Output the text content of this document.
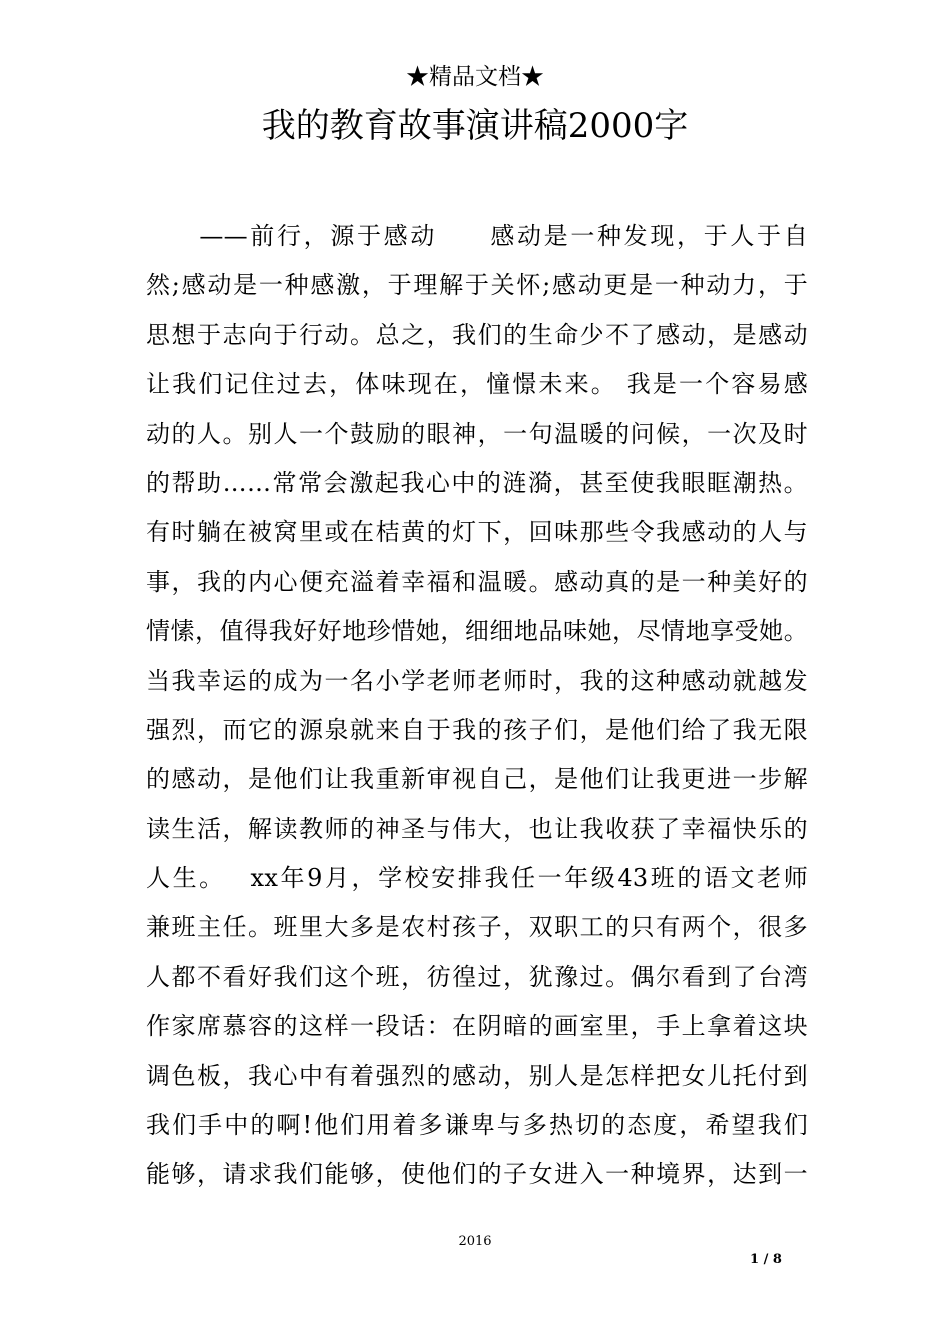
★精品文档★
我的教育故事演讲稿2000字
　　——前行，源于感动　　感动是一种发现，于人于自
然;感动是一种感激，于理解于关怀;感动更是一种动力，于
思想于志向于行动。总之，我们的生命少不了感动，是感动
让我们记住过去，体味现在，憧憬未来。 我是一个容易感
动的人。别人一个鼓励的眼神，一句温暖的问候，一次及时
的帮助……常常会激起我心中的涟漪，甚至使我眼眶潮热。
有时躺在被窝里或在桔黄的灯下，回味那些令我感动的人与
事，我的内心便充溢着幸福和温暖。感动真的是一种美好的
情愫，值得我好好地珍惜她，细细地品味她，尽情地享受她。
当我幸运的成为一名小学老师老师时，我的这种感动就越发
强烈，而它的源泉就来自于我的孩子们，是他们给了我无限
的感动，是他们让我重新审视自己，是他们让我更进一步解
读生活，解读教师的神圣与伟大，也让我收获了幸福快乐的
人生。　 xx年9月，学校安排我任一年级43班的语文老师
兼班主任。班里大多是农村孩子，双职工的只有两个，很多
人都不看好我们这个班，彷徨过，犹豫过。偶尔看到了台湾
作家席慕容的这样一段话：在阴暗的画室里，手上拿着这块
调色板，我心中有着强烈的感动，别人是怎样把女儿托付到
我们手中的啊!他们用着多谦卑与多热切的态度，希望我们
能够，请求我们能够，使他们的子女进入一种境界，达到一
2016
1 / 8
